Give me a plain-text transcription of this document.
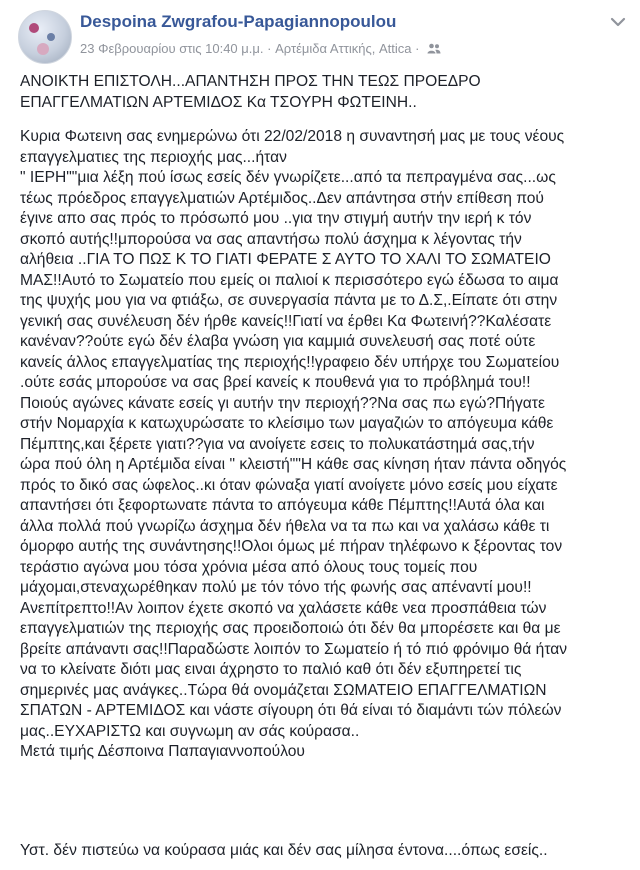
Despoina Zwgrafou-Papagiannopoulou
23 Φεβρουαρίου στις 10:40 μ.μ. · Αρτέμιδα Αττικής, Attica ·

ΑΝΟΙΚΤΗ ΕΠΙΣΤΟΛΗ...ΑΠΑΝΤΗΣΗ ΠΡΟΣ ΤΗΝ ΤΕΩΣ ΠΡΟΕΔΡΟ
ΕΠΑΓΓΕΛΜΑΤΙΩΝ ΑΡΤΕΜΙΔΟΣ Κα ΤΣΟΥΡΗ ΦΩΤΕΙΝΗ..

Κυρια Φωτεινη σας ενημερώνω ότι 22/02/2018 η συναντησή μας με τους νέους
επαγγελματιες της περιοχής μας...ήταν
" ΙΕΡΗ""μια λέξη πού ίσως εσείς δέν γνωρίζετε...από τα πεπραγμένα σας...ως
τέως πρόεδρος επαγγελματιών Αρτέμιδος..Δεν απάντησα στήν επίθεση πού
έγινε απο σας πρός το πρόσωπό μου ..για την στιγμή αυτήν την ιερή κ τόν
σκοπό αυτής!!μπορούσα να σας απαντήσω πολύ άσχημα κ λέγοντας τήν
αλήθεια ..ΓΙΑ ΤΟ ΠΩΣ Κ ΤΟ ΓΙΑΤΙ ΦΕΡΑΤΕ Σ ΑΥΤΟ ΤΟ ΧΑΛΙ ΤΟ ΣΩΜΑΤΕΙΟ
ΜΑΣ!!Αυτό το Σωματείο που εμείς οι παλιοί κ περισσότερο εγώ έδωσα το αιμα
της ψυχής μου για να φτιάξω, σε συνεργασία πάντα με το Δ.Σ,.Είπατε ότι στην
γενική σας συνέλευση δέν ήρθε κανείς!!Γιατί να έρθει Κα Φωτεινή??Καλέσατε
κανέναν??ούτε εγώ δέν έλαβα γνώση για καμμιά συνελευσή σας ποτέ ούτε
κανείς άλλος επαγγελματίας της περιοχής!!γραφειο δέν υπήρχε του Σωματείου
.ούτε εσάς μπορούσε να σας βρεί κανείς κ πουθενά για το πρόβλημά του!!
Ποιούς αγώνες κάνατε εσείς γι αυτήν την περιοχή??Να σας πω εγώ?Πήγατε
στήν Νομαρχία κ κατωχυρώσατε το κλείσιμο των μαγαζιών το απόγευμα κάθε
Πέμπτης,και ξέρετε γιατι??για να ανοίγετε εσεις το πολυκατάστημά σας,τήν
ώρα πού όλη η Αρτέμιδα είναι " κλειστή""Η κάθε σας κίνηση ήταν πάντα οδηγός
πρός το δικό σας ώφελος..κι όταν φώναξα γιατί ανοίγετε μόνο εσείς μου είχατε
απαντήσει ότι ξεφορτωνατε πάντα το απόγευμα κάθε Πέμπτης!!Αυτά όλα και
άλλα πολλά πού γνωρίζω άσχημα δέν ήθελα να τα πω και να χαλάσω κάθε τι
όμορφο αυτής της συνάντησης!!Ολοι όμως μέ πήραν τηλέφωνο κ ξέροντας τον
τεράστιο αγώνα μου τόσα χρόνια μέσα από όλους τους τομείς που
μάχομαι,στεναχωρέθηκαν πολύ με τόν τόνο τής φωνής σας απέναντί μου!!
Ανεπίτρεπτο!!Αν λοιπον έχετε σκοπό να χαλάσετε κάθε νεα προσπάθεια τών
επαγγελματιών της περιοχής σας προειδοποιώ ότι δέν θα μπορέσετε και θα με
βρείτε απάναντι σας!!Παραδώστε λοιπόν το Σωματείο ή τό πιό φρόνιμο θά ήταν
να το κλείνατε διότι μας ειναι άχρηστο το παλιό καθ ότι δέν εξυπηρετεί τις
σημερινές μας ανάγκες..Τώρα θά ονομάζεται ΣΩΜΑΤΕΙΟ ΕΠΑΓΓΕΛΜΑΤΙΩΝ
ΣΠΑΤΩΝ - ΑΡΤΕΜΙΔΟΣ και νάστε σίγουρη ότι θά είναι τό διαμάντι τών πόλεών
μας..ΕΥΧΑΡΙΣΤΩ και συγνωμη αν σάς κούρασα..
Μετά τιμής Δέσποινα Παπαγιαννοπούλου

Υστ. δέν πιστεύω να κούρασα μιάς και δέν σας μίλησα έντονα....όπως εσείς..
